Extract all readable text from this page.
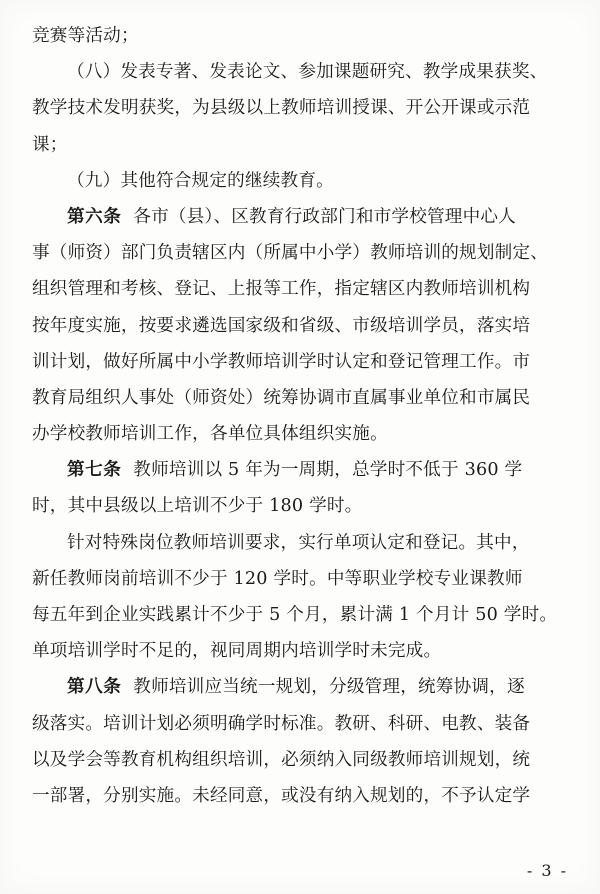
竞赛等活动；
（八）发表专著、发表论文、参加课题研究、教学成果获奖、
教学技术发明获奖，为县级以上教师培训授课、开公开课或示范
课；
（九）其他符合规定的继续教育。
第六条 各市（县）、区教育行政部门和市学校管理中心人
事（师资）部门负责辖区内（所属中小学）教师培训的规划制定、
组织管理和考核、登记、上报等工作，指定辖区内教师培训机构
按年度实施，按要求遴选国家级和省级、市级培训学员，落实培
训计划，做好所属中小学教师培训学时认定和登记管理工作。市
教育局组织人事处（师资处）统筹协调市直属事业单位和市属民
办学校教师培训工作，各单位具体组织实施。
第七条 教师培训以 5 年为一周期，总学时不低于 360 学
时，其中县级以上培训不少于 180 学时。
针对特殊岗位教师培训要求，实行单项认定和登记。其中，
新任教师岗前培训不少于 120 学时。中等职业学校专业课教师
每五年到企业实践累计不少于 5 个月，累计满 1 个月计 50 学时。
单项培训学时不足的，视同周期内培训学时未完成。
第八条 教师培训应当统一规划，分级管理，统筹协调，逐
级落实。培训计划必须明确学时标准。教研、科研、电教、装备
以及学会等教育机构组织培训，必须纳入同级教师培训规划，统
一部署，分别实施。未经同意，或没有纳入规划的，不予认定学
- 3 -
